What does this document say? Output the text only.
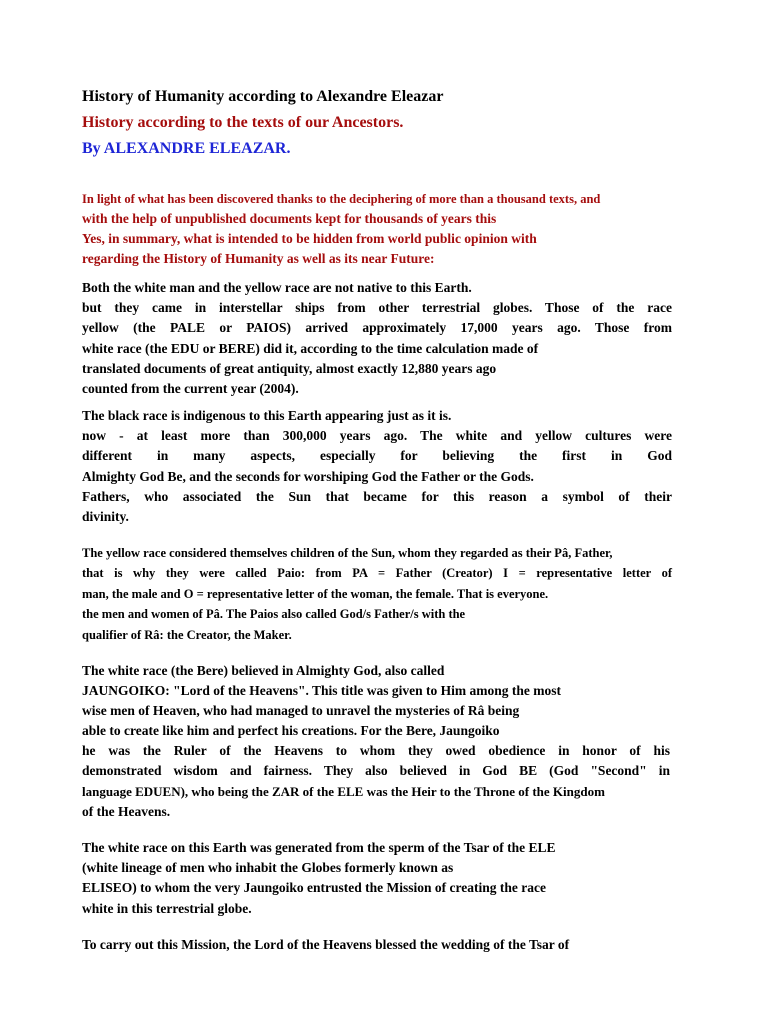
History of Humanity according to Alexandre Eleazar
History according to the texts of our Ancestors.
By ALEXANDRE ELEAZAR.
In light of what has been discovered thanks to the deciphering of more than a thousand texts, and
with the help of unpublished documents kept for thousands of years this
Yes, in summary, what is intended to be hidden from world public opinion with
regarding the History of Humanity as well as its near Future:
Both the white man and the yellow race are not native to this Earth.
but they came in interstellar ships from other terrestrial globes. Those of the race
yellow (the PALE or PAIOS) arrived approximately 17,000 years ago. Those from
white race (the EDU or BERE) did it, according to the time calculation made of
translated documents of great antiquity, almost exactly 12,880 years ago
counted from the current year (2004).
The black race is indigenous to this Earth appearing just as it is.
now - at least more than 300,000 years ago. The white and yellow cultures were
different in many aspects, especially for believing the first in God
Almighty God Be, and the seconds for worshiping God the Father or the Gods.
Fathers, who associated the Sun that became for this reason a symbol of their
divinity.
The yellow race considered themselves children of the Sun, whom they regarded as their Pâ, Father,
that is why they were called Paio: from PA = Father (Creator) I = representative letter of
man, the male and O = representative letter of the woman, the female. That is everyone.
the men and women of Pâ. The Paios also called God/s Father/s with the
qualifier of Râ: the Creator, the Maker.
The white race (the Bere) believed in Almighty God, also called
JAUNGOIKO: "Lord of the Heavens". This title was given to Him among the most
wise men of Heaven, who had managed to unravel the mysteries of Râ being
able to create like him and perfect his creations. For the Bere, Jaungoiko
he was the Ruler of the Heavens to whom they owed obedience in honor of his
demonstrated wisdom and fairness. They also believed in God BE (God "Second" in
language EDUEN), who being the ZAR of the ELE was the Heir to the Throne of the Kingdom
of the Heavens.
The white race on this Earth was generated from the sperm of the Tsar of the ELE
(white lineage of men who inhabit the Globes formerly known as
ELISEO) to whom the very Jaungoiko entrusted the Mission of creating the race
white in this terrestrial globe.
To carry out this Mission, the Lord of the Heavens blessed the wedding of the Tsar of
